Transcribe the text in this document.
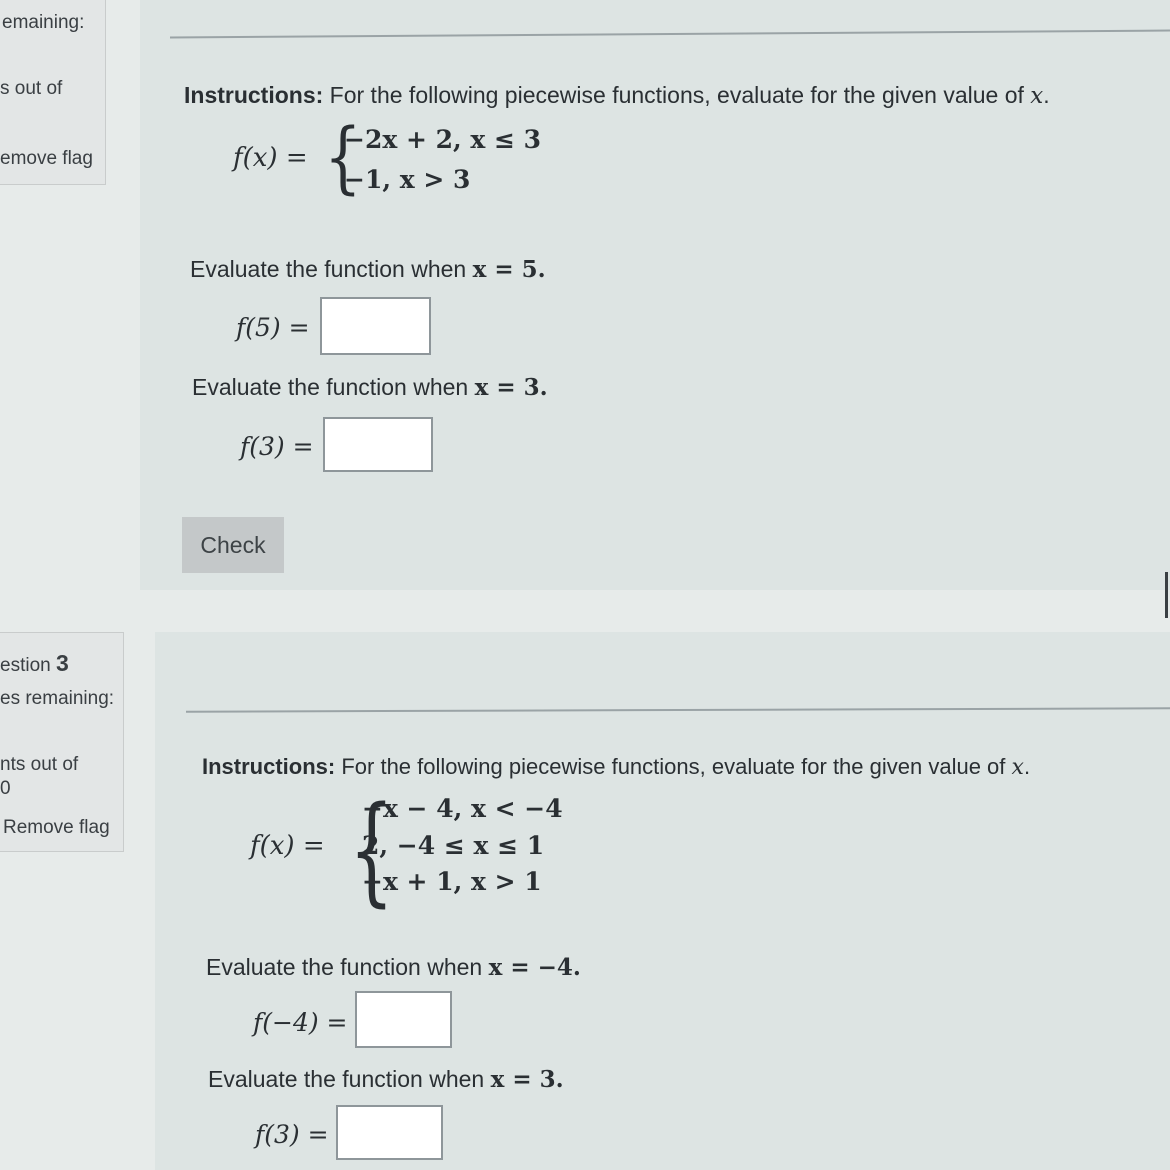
emaining:
s out of
emove flag
Instructions: For the following piecewise functions, evaluate for the given value of x.
f(x) = {
−2x + 2, x ≤ 3
−1, x > 3
Evaluate the function when x = 5.
f(5) =
Evaluate the function when x = 3.
f(3) =
Check
estion 3
es remaining:
nts out of
0
Remove flag
Instructions: For the following piecewise functions, evaluate for the given value of x.
f(x) = {
−x − 4, x < −4
2, −4 ≤ x ≤ 1
−x + 1, x > 1
Evaluate the function when x = −4.
f(−4) =
Evaluate the function when x = 3.
f(3) =
